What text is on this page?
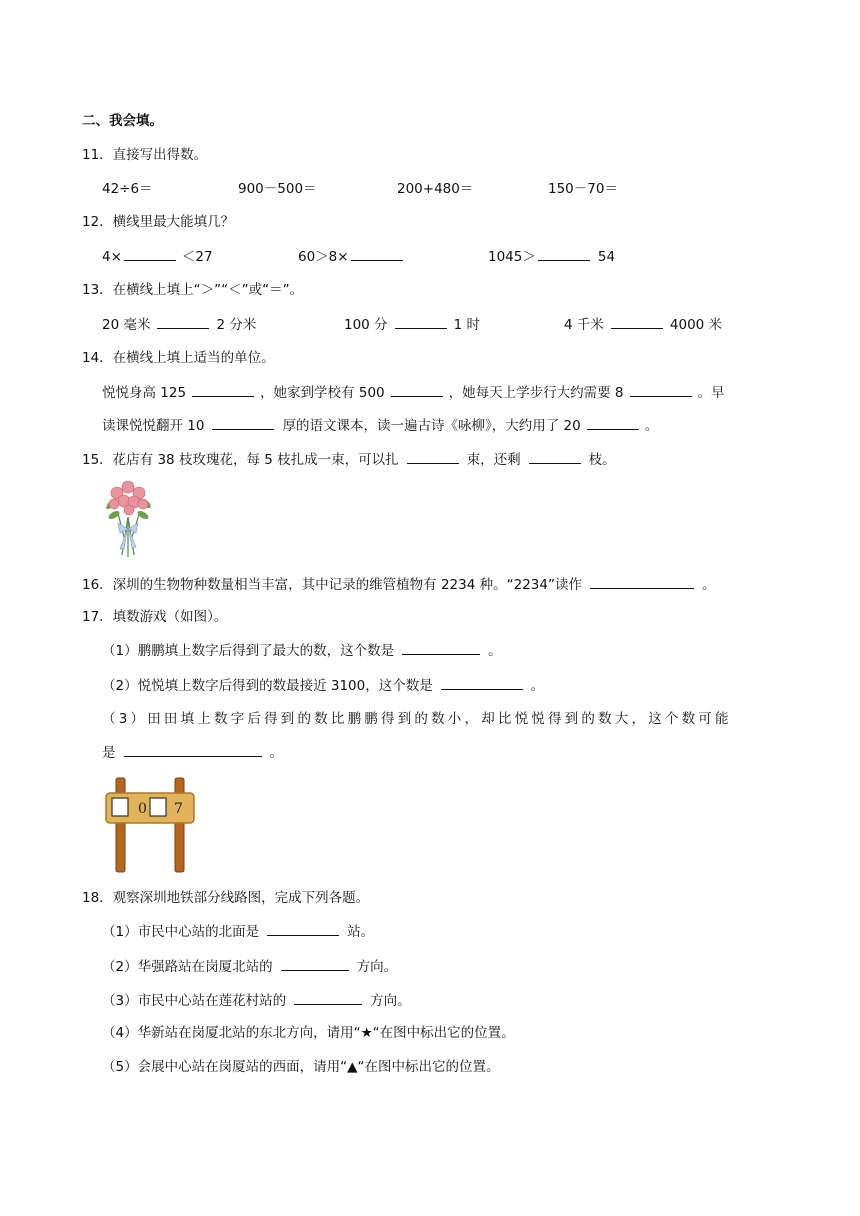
二、我会填。
11．直接写出得数。
42÷6＝	900－500＝	200+480＝	150－70＝
12．横线里最大能填几？
4×	＜27	60＞8×	1045＞	54
13．在横线上填上“＞”“＜”或“＝”。
20 毫米	2 分米	100 分	1 时	4 千米	4000 米
14．在横线上填上适当的单位。
悦悦身高 125	，她家到学校有 500	，她每天上学步行大约需要 8	。早
读课悦悦翻开 10	厚的语文课本，读一遍古诗《咏柳》，大约用了 20	。
15．花店有 38 枝玫瑰花，每 5 枝扎成一束，可以扎	束，还剩	枝。
16．深圳的生物物种数量相当丰富，其中记录的维管植物有 2234 种。“2234”读作	。
17．填数游戏（如图）。
（1）鹏鹏填上数字后得到了最大的数，这个数是	。
（2）悦悦填上数字后得到的数最接近 3100，这个数是	。
（3）田田填上数字后得到的数比鹏鹏得到的数小，却比悦悦得到的数大，这个数可能
是	。
0 7
18．观察深圳地铁部分线路图，完成下列各题。
（1）市民中心站的北面是	站。
（2）华强路站在岗厦北站的	方向。
（3）市民中心站在莲花村站的	方向。
（4）华新站在岗厦北站的东北方向，请用“★“在图中标出它的位置。
（5）会展中心站在岗厦站的西面，请用“▲“在图中标出它的位置。
